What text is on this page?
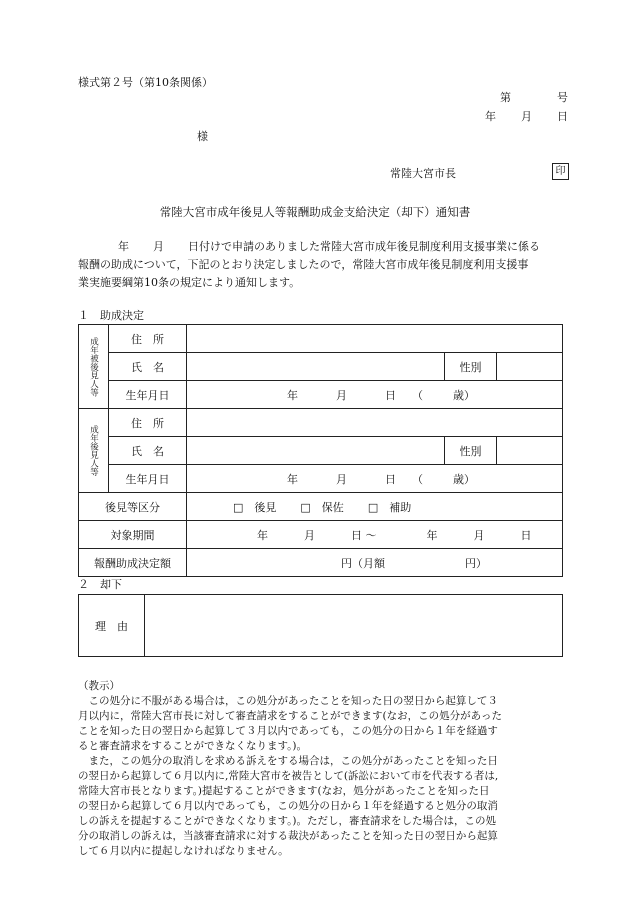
様式第２号（第10条関係）
第	号
年 月 日
様
常陸大宮市長	印
常陸大宮市成年後見人等報酬助成金支給決定（却下）通知書
年 月 日付けで申請のありました常陸大宮市成年後見制度利用支援事業に係る
報酬の助成について，下記のとおり決定しましたので，常陸大宮市成年後見制度利用支援事
業実施要綱第10条の規定により通知します。
１　助成決定
成年被後見人等	住　所			
	氏　名		性別	
	生年月日	年 月 日 （ 歳）		

成年後見人等	住　所			
	氏　名		性別	
	生年月日	年 月 日 （ 歳）		
後見等区分		□　後見 □　保佐 □　補助		
対象期間		年 月 日 ～ 年 月 日		
報酬助成決定額		円（月額 円）		
２　却下
理　由	
（教示）
　この処分に不服がある場合は，この処分があったことを知った日の翌日から起算して３
月以内に，常陸大宮市長に対して審査請求をすることができます(なお，この処分があった
ことを知った日の翌日から起算して３月以内であっても，この処分の日から１年を経過す
ると審査請求をすることができなくなります。)。
　また，この処分の取消しを求める訴えをする場合は，この処分があったことを知った日
の翌日から起算して６月以内に,常陸大宮市を被告として(訴訟において市を代表する者は,
常陸大宮市長となります。)提起することができます(なお，処分があったことを知った日
の翌日から起算して６月以内であっても，この処分の日から１年を経過すると処分の取消
しの訴えを提起することができなくなります。)。ただし，審査請求をした場合は，この処
分の取消しの訴えは，当該審査請求に対する裁決があったことを知った日の翌日から起算
して６月以内に提起しなければなりません。
